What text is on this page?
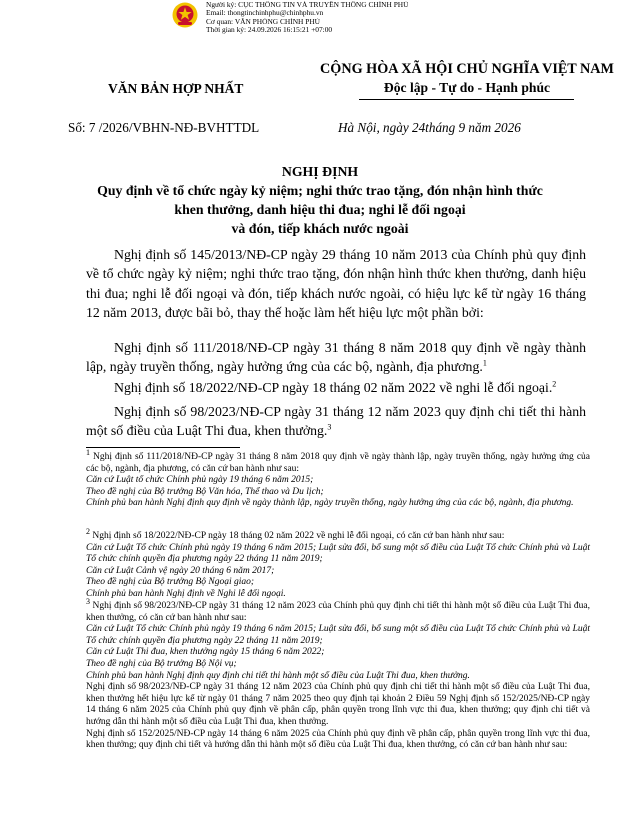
Người ký: CỤC THÔNG TIN VÀ TRUYỀN THÔNG CHÍNH PHỦ
Email: thongtinchinhphu@chinhphu.vn
Cơ quan: VĂN PHÒNG CHÍNH PHỦ
Thời gian ký: 24.09.2026 16:15:21 +07:00
VĂN BẢN HỢP NHẤT
CỘNG HÒA XÃ HỘI CHỦ NGHĨA VIỆT NAM
Độc lập - Tự do - Hạnh phúc
Số: 7 /2026/VBHN-NĐ-BVHTTDL	Hà Nội, ngày 24tháng 9 năm 2026
NGHỊ ĐỊNH
Quy định về tổ chức ngày kỷ niệm; nghi thức trao tặng, đón nhận hình thức
khen thưởng, danh hiệu thi đua; nghi lễ đối ngoại
và đón, tiếp khách nước ngoài
Nghị định số 145/2013/NĐ-CP ngày 29 tháng 10 năm 2013 của Chính phủ quy định về tổ chức ngày kỷ niệm; nghi thức trao tặng, đón nhận hình thức khen thưởng, danh hiệu thi đua; nghi lễ đối ngoại và đón, tiếp khách nước ngoài, có hiệu lực kể từ ngày 16 tháng 12 năm 2013, được bãi bỏ, thay thế hoặc làm hết hiệu lực một phần bởi:
Nghị định số 111/2018/NĐ-CP ngày 31 tháng 8 năm 2018 quy định về ngày thành lập, ngày truyền thống, ngày hưởng ứng của các bộ, ngành, địa phương.$^1$
Nghị định số 18/2022/NĐ-CP ngày 18 tháng 02 năm 2022 về nghi lễ đối ngoại.$^2$
Nghị định số 98/2023/NĐ-CP ngày 31 tháng 12 năm 2023 quy định chi tiết thi hành một số điều của Luật Thi đua, khen thưởng.$^3$

$^1$ Nghị định số 111/2018/NĐ-CP ngày 31 tháng 8 năm 2018 quy định về ngày thành lập, ngày truyền thống, ngày hưởng ứng của các bộ, ngành, địa phương, có căn cứ ban hành như sau:

Căn cứ Luật tổ chức Chính phủ ngày 19 tháng 6 năm 2015;

Theo đề nghị của Bộ trưởng Bộ Văn hóa, Thể thao và Du lịch;

Chính phủ ban hành Nghị định quy định về ngày thành lập, ngày truyền thống, ngày hưởng ứng của các bộ, ngành, địa phương.

$^2$ Nghị định số 18/2022/NĐ-CP ngày 18 tháng 02 năm 2022 về nghi lễ đối ngoại, có căn cứ ban hành như sau:

Căn cứ Luật Tổ chức Chính phủ ngày 19 tháng 6 năm 2015; Luật sửa đổi, bổ sung một số điều của Luật Tổ chức Chính phủ và Luật Tổ chức chính quyền địa phương ngày 22 tháng 11 năm 2019;

Căn cứ Luật Cảnh vệ ngày 20 tháng 6 năm 2017;

Theo đề nghị của Bộ trưởng Bộ Ngoại giao;

Chính phủ ban hành Nghị định về Nghi lễ đối ngoại.

$^3$ Nghị định số 98/2023/NĐ-CP ngày 31 tháng 12 năm 2023 của Chính phủ quy định chi tiết thi hành một số điều của Luật Thi đua, khen thưởng, có căn cứ ban hành như sau:

Căn cứ Luật Tổ chức Chính phủ ngày 19 tháng 6 năm 2015; Luật sửa đổi, bổ sung một số điều của Luật Tổ chức Chính phủ và Luật Tổ chức chính quyền địa phương ngày 22 tháng 11 năm 2019;

Căn cứ Luật Thi đua, khen thưởng ngày 15 tháng 6 năm 2022;

Theo đề nghị của Bộ trưởng Bộ Nội vụ;

Chính phủ ban hành Nghị định quy định chi tiết thi hành một số điều của Luật Thi đua, khen thưởng.

Nghị định số 98/2023/NĐ-CP ngày 31 tháng 12 năm 2023 của Chính phủ quy định chi tiết thi hành một số điều của Luật Thi đua, khen thưởng hết hiệu lực kể từ ngày 01 tháng 7 năm 2025 theo quy định tại khoản 2 Điều 59 Nghị định số 152/2025/NĐ-CP ngày 14 tháng 6 năm 2025 của Chính phủ quy định về phân cấp, phân quyền trong lĩnh vực thi đua, khen thưởng; quy định chi tiết và hướng dẫn thi hành một số điều của Luật Thi đua, khen thưởng.

Nghị định số 152/2025/NĐ-CP ngày 14 tháng 6 năm 2025 của Chính phủ quy định về phân cấp, phân quyền trong lĩnh vực thi đua, khen thưởng; quy định chi tiết và hướng dẫn thi hành một số điều của Luật Thi đua, khen thưởng, có căn cứ ban hành như sau:
